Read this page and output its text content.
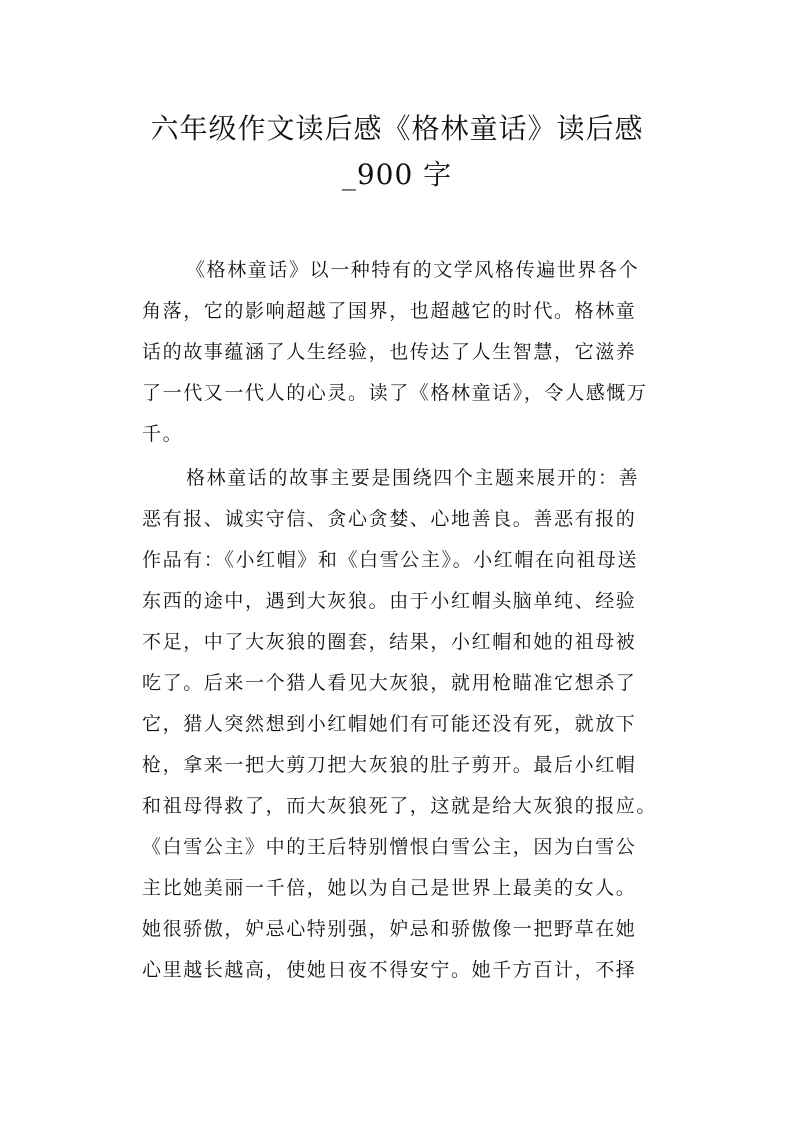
六年级作文读后感《格林童话》读后感
_900 字
《格林童话》以一种特有的文学风格传遍世界各个
角落，它的影响超越了国界，也超越它的时代。格林童
话的故事蕴涵了人生经验，也传达了人生智慧，它滋养
了一代又一代人的心灵。读了《格林童话》，令人感慨万
千。
格林童话的故事主要是围绕四个主题来展开的：善
恶有报、诚实守信、贪心贪婪、心地善良。善恶有报的
作品有：《小红帽》和《白雪公主》。小红帽在向祖母送
东西的途中，遇到大灰狼。由于小红帽头脑单纯、经验
不足，中了大灰狼的圈套，结果，小红帽和她的祖母被
吃了。后来一个猎人看见大灰狼，就用枪瞄准它想杀了
它，猎人突然想到小红帽她们有可能还没有死，就放下
枪，拿来一把大剪刀把大灰狼的肚子剪开。最后小红帽
和祖母得救了，而大灰狼死了，这就是给大灰狼的报应。
《白雪公主》中的王后特别憎恨白雪公主，因为白雪公
主比她美丽一千倍，她以为自己是世界上最美的女人。
她很骄傲，妒忌心特别强，妒忌和骄傲像一把野草在她
心里越长越高，使她日夜不得安宁。她千方百计，不择
